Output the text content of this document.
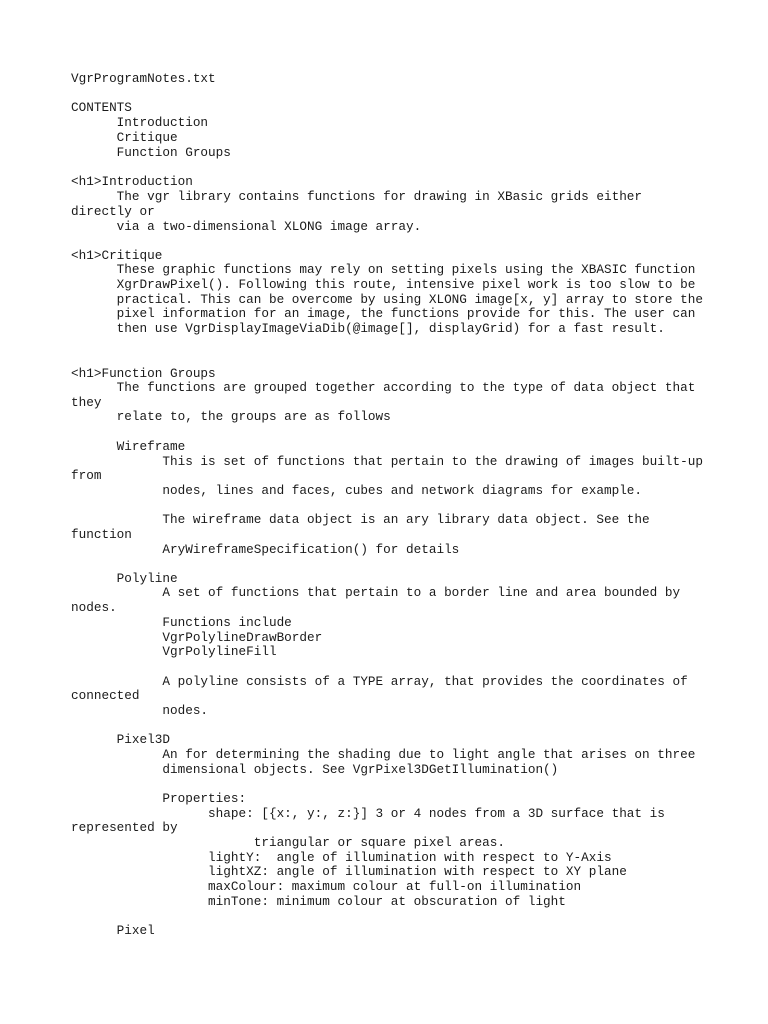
VgrProgramNotes.txt
CONTENTS
Introduction
Critique
Function Groups
<h1>Introduction
The vgr library contains functions for drawing in XBasic grids either
directly or
via a two-dimensional XLONG image array.
<h1>Critique
These graphic functions may rely on setting pixels using the XBASIC function
XgrDrawPixel(). Following this route, intensive pixel work is too slow to be
practical. This can be overcome by using XLONG image[x, y] array to store the
pixel information for an image, the functions provide for this. The user can
then use VgrDisplayImageViaDib(@image[], displayGrid) for a fast result.
<h1>Function Groups
The functions are grouped together according to the type of data object that
they
relate to, the groups are as follows
Wireframe
This is set of functions that pertain to the drawing of images built-up
from
nodes, lines and faces, cubes and network diagrams for example.
The wireframe data object is an ary library data object. See the
function
AryWireframeSpecification() for details
Polyline
A set of functions that pertain to a border line and area bounded by
nodes.
Functions include
VgrPolylineDrawBorder
VgrPolylineFill
A polyline consists of a TYPE array, that provides the coordinates of
connected
nodes.
Pixel3D
An for determining the shading due to light angle that arises on three
dimensional objects. See VgrPixel3DGetIllumination()
Properties:
shape: [{x:, y:, z:}] 3 or 4 nodes from a 3D surface that is
represented by
triangular or square pixel areas.
lightY:  angle of illumination with respect to Y-Axis
lightXZ: angle of illumination with respect to XY plane
maxColour: maximum colour at full-on illumination
minTone: minimum colour at obscuration of light
Pixel
